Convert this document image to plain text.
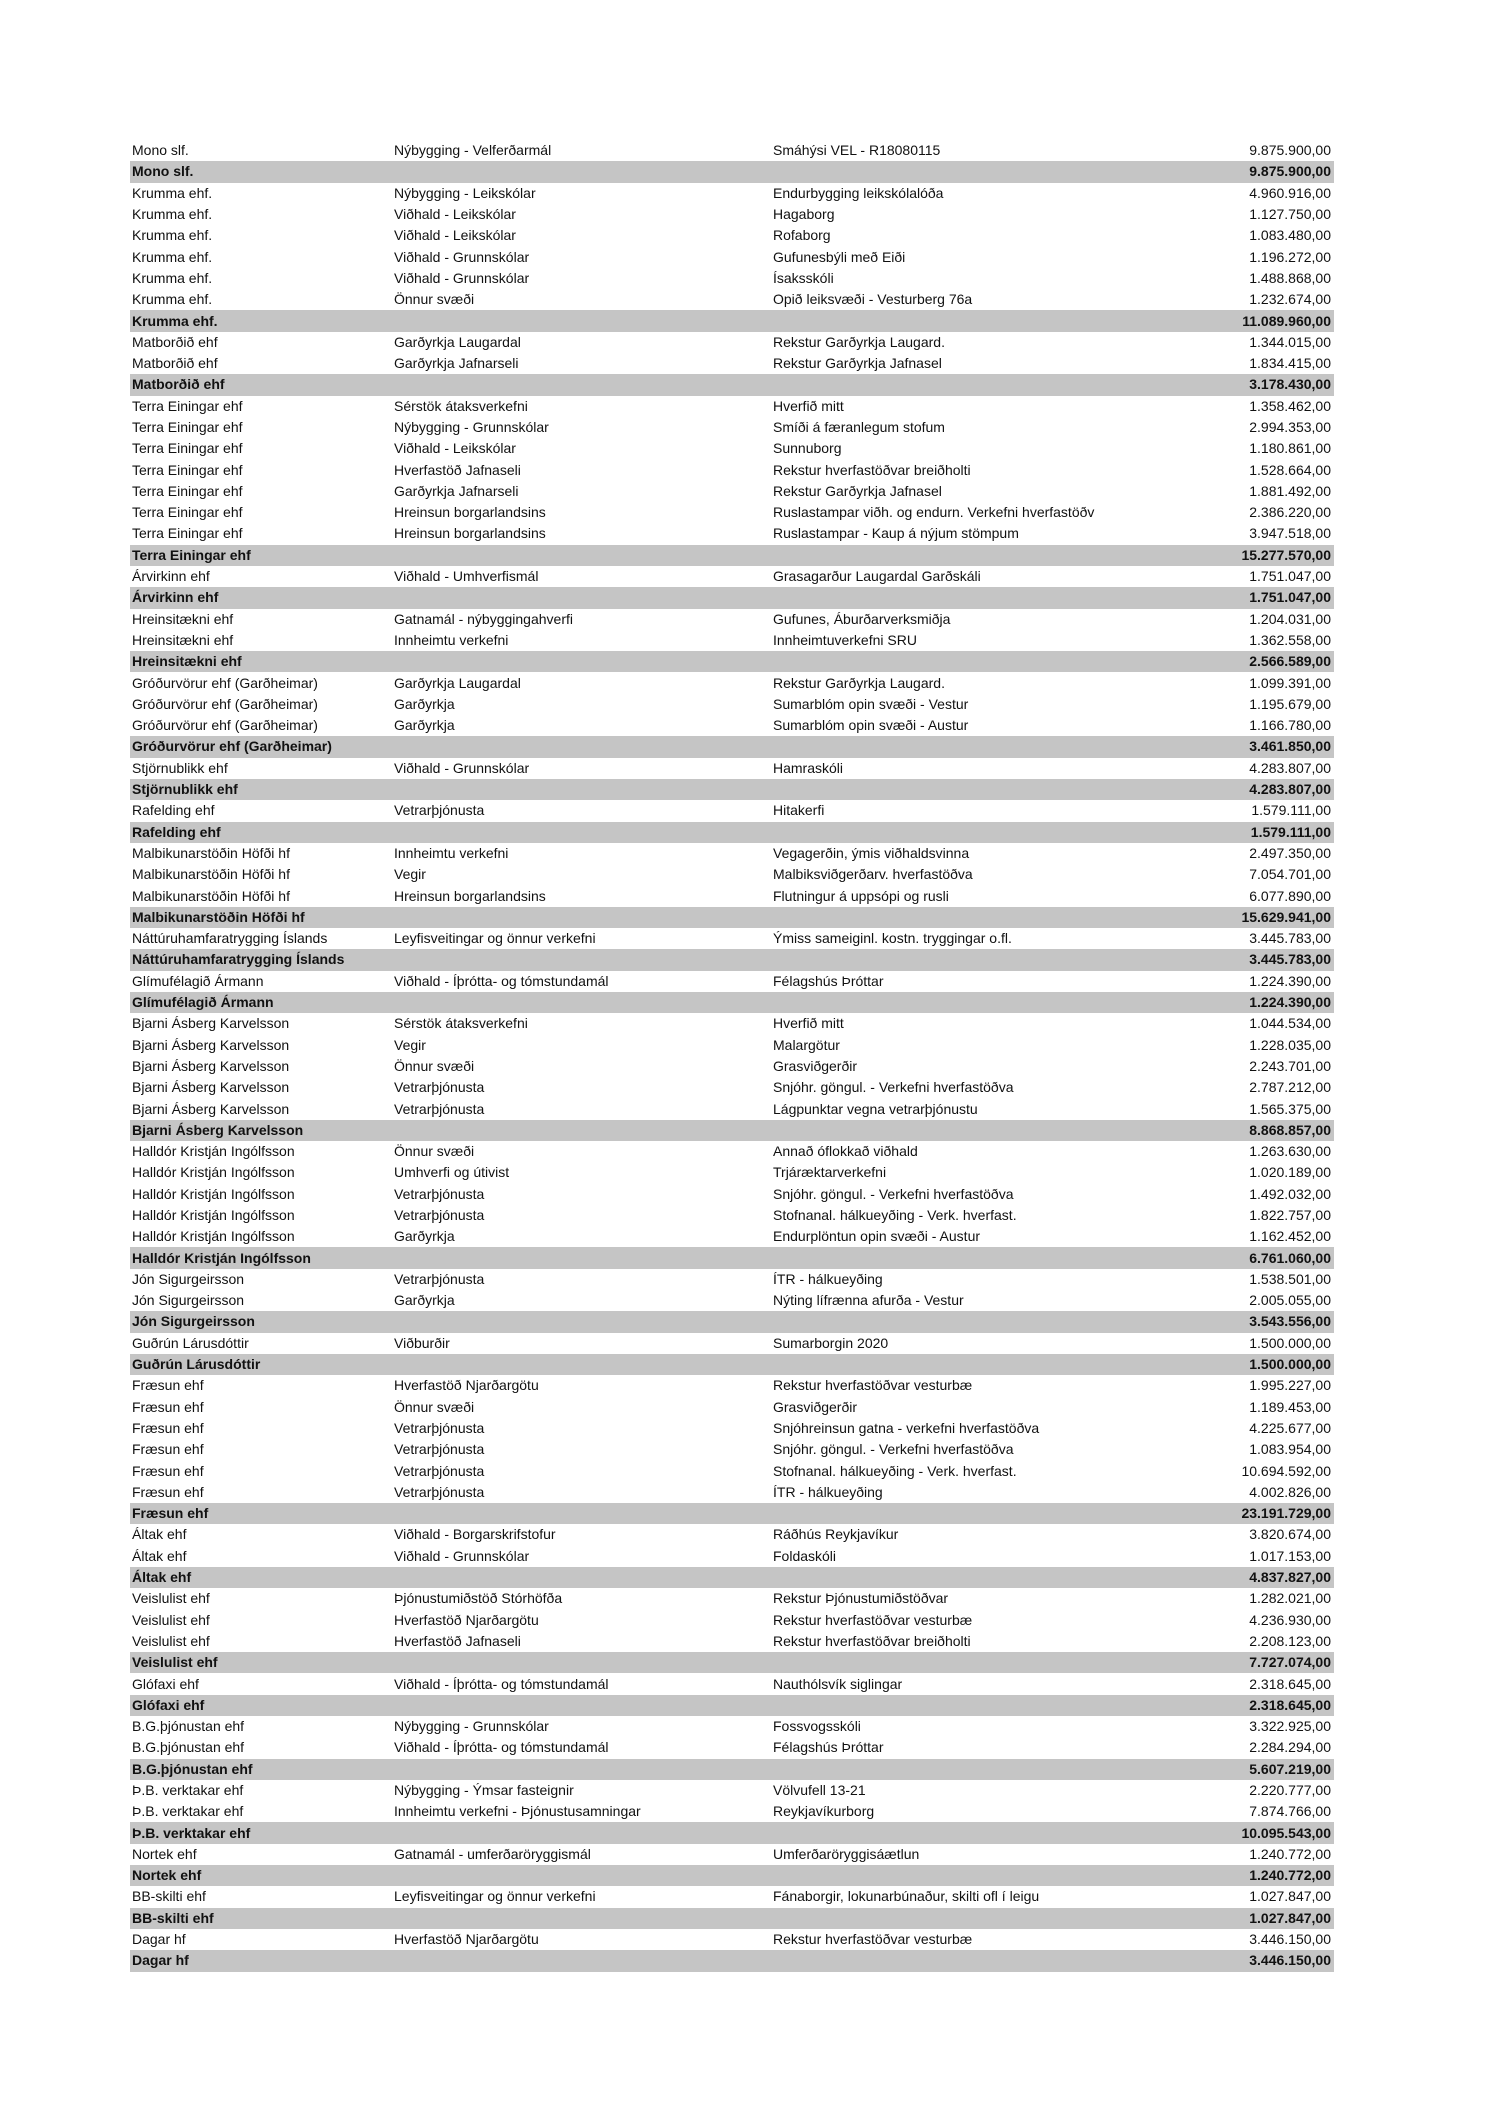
Mono slf.	Nýbygging - Velferðarmál	Smáhýsi VEL - R18080115	9.875.900,00
Mono slf.			9.875.900,00
Krumma ehf.	Nýbygging - Leikskólar	Endurbygging leikskólalóða	4.960.916,00
Krumma ehf.	Viðhald - Leikskólar	Hagaborg	1.127.750,00
Krumma ehf.	Viðhald - Leikskólar	Rofaborg	1.083.480,00
Krumma ehf.	Viðhald - Grunnskólar	Gufunesbýli með Eiði	1.196.272,00
Krumma ehf.	Viðhald - Grunnskólar	Ísaksskóli	1.488.868,00
Krumma ehf.	Önnur svæði	Opið leiksvæði - Vesturberg 76a	1.232.674,00
Krumma ehf.			11.089.960,00
Matborðið ehf	Garðyrkja Laugardal	Rekstur Garðyrkja Laugard.	1.344.015,00
Matborðið ehf	Garðyrkja Jafnarseli	Rekstur Garðyrkja Jafnasel	1.834.415,00
Matborðið ehf			3.178.430,00
Terra Einingar ehf	Sérstök átaksverkefni	Hverfið mitt	1.358.462,00
Terra Einingar ehf	Nýbygging - Grunnskólar	Smíði á færanlegum stofum	2.994.353,00
Terra Einingar ehf	Viðhald - Leikskólar	Sunnuborg	1.180.861,00
Terra Einingar ehf	Hverfastöð Jafnaseli	Rekstur hverfastöðvar breiðholti	1.528.664,00
Terra Einingar ehf	Garðyrkja Jafnarseli	Rekstur Garðyrkja Jafnasel	1.881.492,00
Terra Einingar ehf	Hreinsun borgarlandsins	Ruslastampar viðh. og endurn. Verkefni hverfastöðv	2.386.220,00
Terra Einingar ehf	Hreinsun borgarlandsins	Ruslastampar - Kaup á nýjum stömpum	3.947.518,00
Terra Einingar ehf			15.277.570,00
Árvirkinn ehf	Viðhald - Umhverfismál	Grasagarður Laugardal Garðskáli	1.751.047,00
Árvirkinn ehf			1.751.047,00
Hreinsitækni ehf	Gatnamál - nýbyggingahverfi	Gufunes, Áburðarverksmiðja	1.204.031,00
Hreinsitækni ehf	Innheimtu verkefni	Innheimtuverkefni SRU	1.362.558,00
Hreinsitækni ehf			2.566.589,00
Gróðurvörur ehf (Garðheimar)	Garðyrkja Laugardal	Rekstur Garðyrkja Laugard.	1.099.391,00
Gróðurvörur ehf (Garðheimar)	Garðyrkja	Sumarblóm opin svæði - Vestur	1.195.679,00
Gróðurvörur ehf (Garðheimar)	Garðyrkja	Sumarblóm opin svæði - Austur	1.166.780,00
Gróðurvörur ehf (Garðheimar)			3.461.850,00
Stjörnublikk ehf	Viðhald - Grunnskólar	Hamraskóli	4.283.807,00
Stjörnublikk ehf			4.283.807,00
Rafelding ehf	Vetrarþjónusta	Hitakerfi	1.579.111,00
Rafelding ehf			1.579.111,00
Malbikunarstöðin Höfði hf	Innheimtu verkefni	Vegagerðin, ýmis viðhaldsvinna	2.497.350,00
Malbikunarstöðin Höfði hf	Vegir	Malbiksviðgerðarv. hverfastöðva	7.054.701,00
Malbikunarstöðin Höfði hf	Hreinsun borgarlandsins	Flutningur á uppsópi og rusli	6.077.890,00
Malbikunarstöðin Höfði hf			15.629.941,00
Náttúruhamfaratrygging Íslands	Leyfisveitingar og önnur verkefni	Ýmiss sameiginl. kostn. tryggingar o.fl.	3.445.783,00
Náttúruhamfaratrygging Íslands			3.445.783,00
Glímufélagið Ármann	Viðhald - Íþrótta- og tómstundamál	Félagshús Þróttar	1.224.390,00
Glímufélagið Ármann			1.224.390,00
Bjarni Ásberg Karvelsson	Sérstök átaksverkefni	Hverfið mitt	1.044.534,00
Bjarni Ásberg Karvelsson	Vegir	Malargötur	1.228.035,00
Bjarni Ásberg Karvelsson	Önnur svæði	Grasviðgerðir	2.243.701,00
Bjarni Ásberg Karvelsson	Vetrarþjónusta	Snjóhr. göngul. - Verkefni hverfastöðva	2.787.212,00
Bjarni Ásberg Karvelsson	Vetrarþjónusta	Lágpunktar vegna vetrarþjónustu	1.565.375,00
Bjarni Ásberg Karvelsson			8.868.857,00
Halldór Kristján Ingólfsson	Önnur svæði	Annað óflokkað viðhald	1.263.630,00
Halldór Kristján Ingólfsson	Umhverfi og útivist	Trjáræktarverkefni	1.020.189,00
Halldór Kristján Ingólfsson	Vetrarþjónusta	Snjóhr. göngul. - Verkefni hverfastöðva	1.492.032,00
Halldór Kristján Ingólfsson	Vetrarþjónusta	Stofnanal. hálkueyðing - Verk. hverfast.	1.822.757,00
Halldór Kristján Ingólfsson	Garðyrkja	Endurplöntun opin svæði - Austur	1.162.452,00
Halldór Kristján Ingólfsson			6.761.060,00
Jón Sigurgeirsson	Vetrarþjónusta	ÍTR - hálkueyðing	1.538.501,00
Jón Sigurgeirsson	Garðyrkja	Nýting lífrænna afurða - Vestur	2.005.055,00
Jón Sigurgeirsson			3.543.556,00
Guðrún Lárusdóttir	Viðburðir	Sumarborgin 2020	1.500.000,00
Guðrún Lárusdóttir			1.500.000,00
Fræsun ehf	Hverfastöð Njarðargötu	Rekstur hverfastöðvar vesturbæ	1.995.227,00
Fræsun ehf	Önnur svæði	Grasviðgerðir	1.189.453,00
Fræsun ehf	Vetrarþjónusta	Snjóhreinsun gatna - verkefni hverfastöðva	4.225.677,00
Fræsun ehf	Vetrarþjónusta	Snjóhr. göngul. - Verkefni hverfastöðva	1.083.954,00
Fræsun ehf	Vetrarþjónusta	Stofnanal. hálkueyðing - Verk. hverfast.	10.694.592,00
Fræsun ehf	Vetrarþjónusta	ÍTR - hálkueyðing	4.002.826,00
Fræsun ehf			23.191.729,00
Áltak ehf	Viðhald - Borgarskrifstofur	Ráðhús Reykjavíkur	3.820.674,00
Áltak ehf	Viðhald - Grunnskólar	Foldaskóli	1.017.153,00
Áltak ehf			4.837.827,00
Veislulist ehf	Þjónustumiðstöð Stórhöfða	Rekstur Þjónustumiðstöðvar	1.282.021,00
Veislulist ehf	Hverfastöð Njarðargötu	Rekstur hverfastöðvar vesturbæ	4.236.930,00
Veislulist ehf	Hverfastöð Jafnaseli	Rekstur hverfastöðvar breiðholti	2.208.123,00
Veislulist ehf			7.727.074,00
Glófaxi ehf	Viðhald - Íþrótta- og tómstundamál	Nauthólsvík siglingar	2.318.645,00
Glófaxi ehf			2.318.645,00
B.G.þjónustan ehf	Nýbygging - Grunnskólar	Fossvogsskóli	3.322.925,00
B.G.þjónustan ehf	Viðhald - Íþrótta- og tómstundamál	Félagshús Þróttar	2.284.294,00
B.G.þjónustan ehf			5.607.219,00
Þ.B. verktakar ehf	Nýbygging - Ýmsar fasteignir	Völvufell 13-21	2.220.777,00
Þ.B. verktakar ehf	Innheimtu verkefni - Þjónustusamningar	Reykjavíkurborg	7.874.766,00
Þ.B. verktakar ehf			10.095.543,00
Nortek ehf	Gatnamál - umferðaröryggismál	Umferðaröryggisáætlun	1.240.772,00
Nortek ehf			1.240.772,00
BB-skilti ehf	Leyfisveitingar og önnur verkefni	Fánaborgir, lokunarbúnaður, skilti ofl í leigu	1.027.847,00
BB-skilti ehf			1.027.847,00
Dagar hf	Hverfastöð Njarðargötu	Rekstur hverfastöðvar vesturbæ	3.446.150,00
Dagar hf			3.446.150,00
